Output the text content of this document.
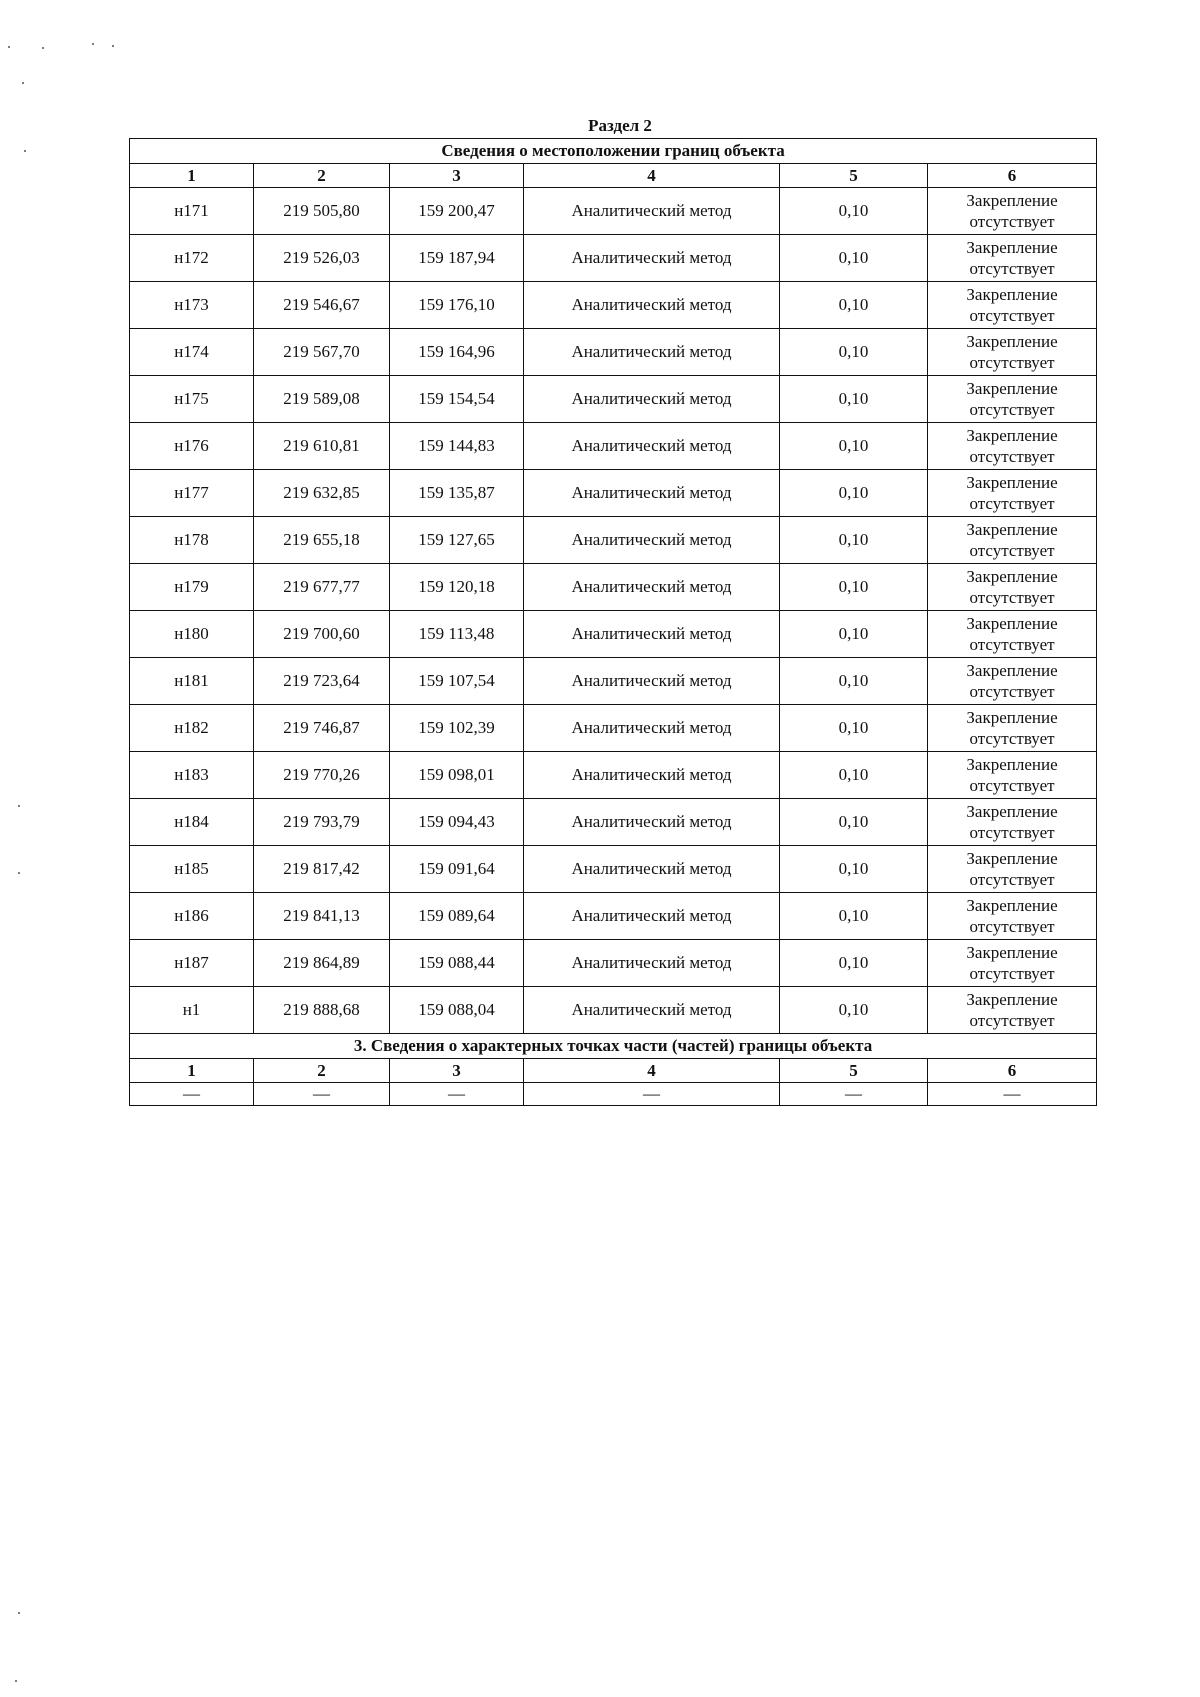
Раздел 2
Сведения о местоположении границ объекта					
1	2	3	4	5	6
н171	219 505,80	159 200,47	Аналитический метод	0,10	Закрепление
отсутствует

н172	219 526,03	159 187,94	Аналитический метод	0,10	Закрепление
отсутствует

н173	219 546,67	159 176,10	Аналитический метод	0,10	Закрепление
отсутствует

н174	219 567,70	159 164,96	Аналитический метод	0,10	Закрепление
отсутствует

н175	219 589,08	159 154,54	Аналитический метод	0,10	Закрепление
отсутствует

н176	219 610,81	159 144,83	Аналитический метод	0,10	Закрепление
отсутствует

н177	219 632,85	159 135,87	Аналитический метод	0,10	Закрепление
отсутствует

н178	219 655,18	159 127,65	Аналитический метод	0,10	Закрепление
отсутствует

н179	219 677,77	159 120,18	Аналитический метод	0,10	Закрепление
отсутствует

н180	219 700,60	159 113,48	Аналитический метод	0,10	Закрепление
отсутствует

н181	219 723,64	159 107,54	Аналитический метод	0,10	Закрепление
отсутствует

н182	219 746,87	159 102,39	Аналитический метод	0,10	Закрепление
отсутствует

н183	219 770,26	159 098,01	Аналитический метод	0,10	Закрепление
отсутствует

н184	219 793,79	159 094,43	Аналитический метод	0,10	Закрепление
отсутствует

н185	219 817,42	159 091,64	Аналитический метод	0,10	Закрепление
отсутствует

н186	219 841,13	159 089,64	Аналитический метод	0,10	Закрепление
отсутствует

н187	219 864,89	159 088,44	Аналитический метод	0,10	Закрепление
отсутствует

н1	219 888,68	159 088,04	Аналитический метод	0,10	Закрепление
отсутствует

3. Сведения о характерных точках части (частей) границы объекта					
1	2	3	4	5	6
—	—	—	—	—	—
